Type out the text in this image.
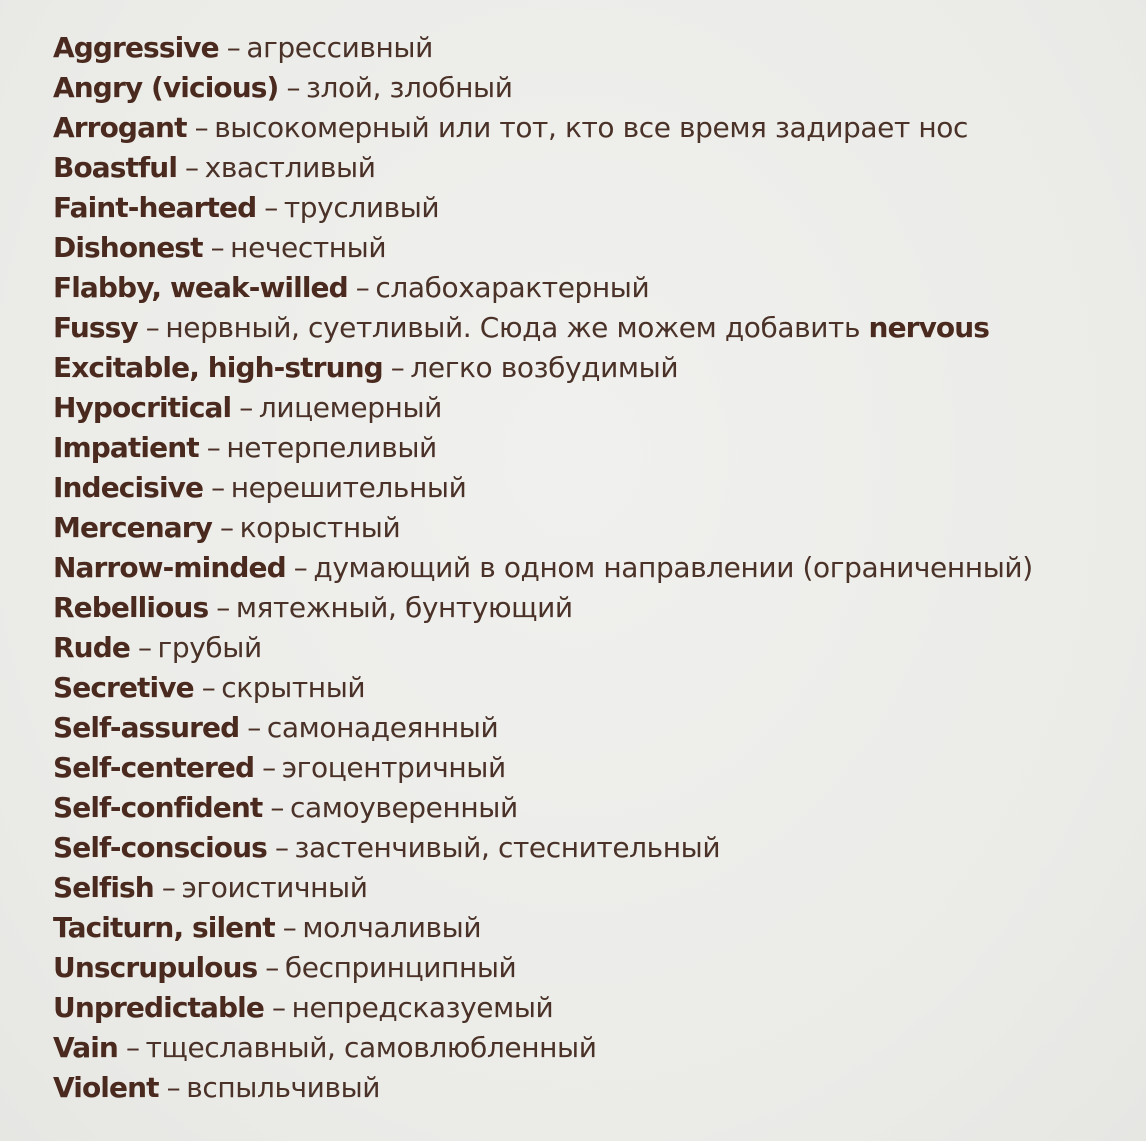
Aggressive – агрессивный
Angry (vicious) – злой, злобный
Arrogant – высокомерный или тот, кто все время задирает нос
Boastful – хвастливый
Faint-hearted – трусливый
Dishonest – нечестный
Flabby, weak-willed – слабохарактерный
Fussy – нервный, суетливый. Сюда же можем добавить nervous
Excitable, high-strung – легко возбудимый
Hypocritical – лицемерный
Impatient – нетерпеливый
Indecisive – нерешительный
Mercenary – корыстный
Narrow-minded – думающий в одном направлении (ограниченный)
Rebellious – мятежный, бунтующий
Rude – грубый
Secretive – скрытный
Self-assured – самонадеянный
Self-centered – эгоцентричный
Self-confident – самоуверенный
Self-conscious – застенчивый, стеснительный
Selfish – эгоистичный
Taciturn, silent – молчаливый
Unscrupulous – беспринципный
Unpredictable – непредсказуемый
Vain – тщеславный, самовлюбленный
Violent – вспыльчивый
